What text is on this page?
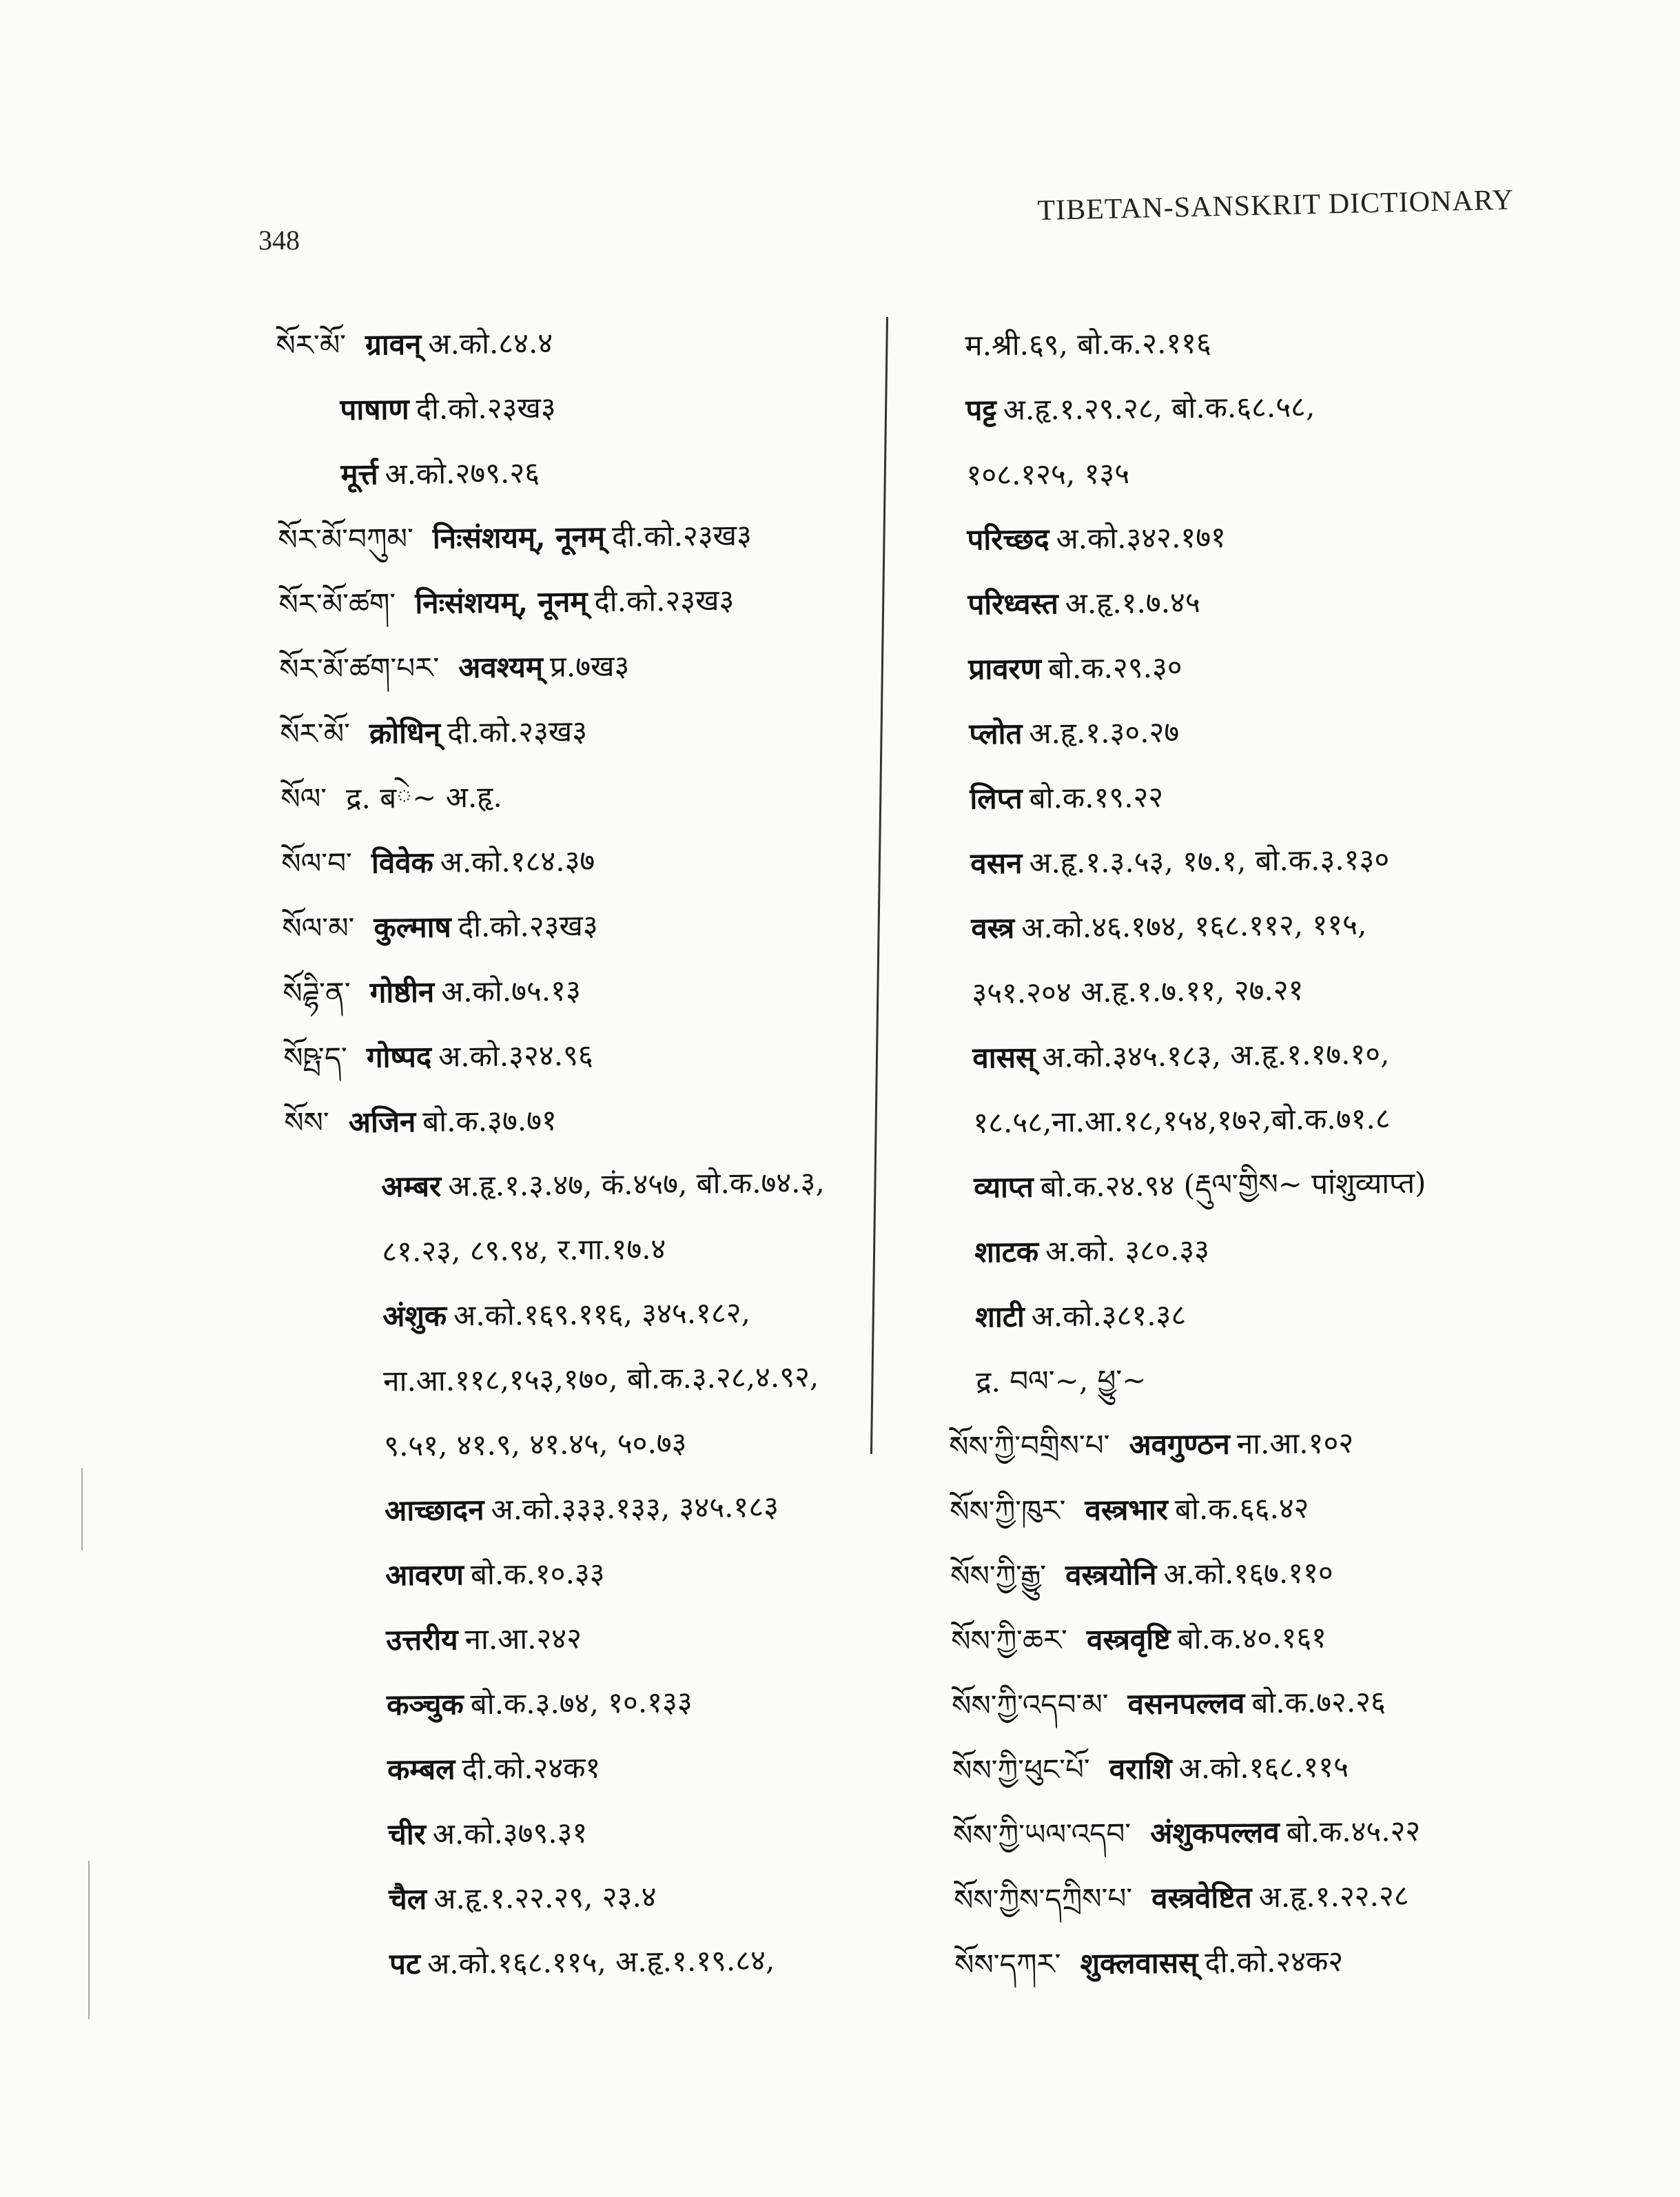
348
TIBETAN-SANSKRIT DICTIONARY
སོར་མོ་ ग्रावन् अ.को.८४.४
पाषाण दी.को.२३ख३
मूर्त्त अ.को.२७९.२६
སོར་མོ་བཀུམ་ निःसंशयम्, नूनम् दी.को.२३ख३
སོར་མོ་ཚག་ निःसंशयम्, नूनम् दी.को.२३ख३
སོར་མོ་ཚག་པར་ अवश्यम् प्र.७ख३
སོར་མོ་ क्रोधिन् दी.को.२३ख३
སོལ་ द्र. बེ~ अ.हृ.
སོལ་བ་ विवेक अ.को.१८४.३७
སོལ་མ་ कुल्माष दी.को.२३ख३
སོཌྷི་ན་ गोष्ठीन अ.को.७५.१३
སོཥྤ་ད་ गोष्पद अ.को.३२४.९६
སོས་ अजिन बो.क.३७.७१
अम्बर अ.हृ.१.३.४७, कं.४५७, बो.क.७४.३,
८१.२३, ८९.९४, र.गा.१७.४
अंशुक अ.को.१६९.११६, ३४५.१८२,
ना.आ.११८,१५३,१७०, बो.क.३.२८,४.९२,
९.५१, ४१.९, ४१.४५, ५०.७३
आच्छादन अ.को.३३३.१३३, ३४५.१८३
आवरण बो.क.१०.३३
उत्तरीय ना.आ.२४२
कञ्चुक बो.क.३.७४, १०.१३३
कम्बल दी.को.२४क१
चीर अ.को.३७९.३१
चैल अ.हृ.१.२२.२९, २३.४
पट अ.को.१६८.११५, अ.हृ.१.१९.८४,
म.श्री.६९, बो.क.२.११६
पट्ट अ.हृ.१.२९.२८, बो.क.६८.५८,
१०८.१२५, १३५
परिच्छद अ.को.३४२.१७१
परिध्वस्त अ.हृ.१.७.४५
प्रावरण बो.क.२९.३०
प्लोत अ.हृ.१.३०.२७
लिप्त बो.क.१९.२२
वसन अ.हृ.१.३.५३, १७.१, बो.क.३.१३०
वस्त्र अ.को.४६.१७४, १६८.११२, ११५,
३५१.२०४ अ.हृ.१.७.११, २७.२१
वासस् अ.को.३४५.१८३, अ.हृ.१.१७.१०,
१८.५८,ना.आ.१८,१५४,१७२,बो.क.७१.८
व्याप्त बो.क.२४.९४ (རྡུལ་གྱིས~ पांशुव्याप्त)
शाटक अ.को. ३८०.३३
शाटी अ.को.३८१.३८
द्र. བལ་~, ཕྱུ་~
སོས་ཀྱི་བགྲིས་པ་ अवगुण्ठन ना.आ.१०२
སོས་ཀྱི་ཁུར་ वस्त्रभार बो.क.६६.४२
སོས་ཀྱི་རྒྱུ་ वस्त्रयोनि अ.को.१६७.११०
སོས་ཀྱི་ཆར་ वस्त्रवृष्टि बो.क.४०.१६१
སོས་ཀྱི་འདབ་མ་ वसनपल्लव बो.क.७२.२६
སོས་ཀྱི་ཕུང་པོ་ वराशि अ.को.१६८.११५
སོས་ཀྱི་ཡལ་འདབ་ अंशुकपल्लव बो.क.४५.२२
སོས་ཀྱིས་དཀྲིས་པ་ वस्त्रवेष्टित अ.हृ.१.२२.२८
སོས་དཀར་ शुक्लवासस् दी.को.२४क२
